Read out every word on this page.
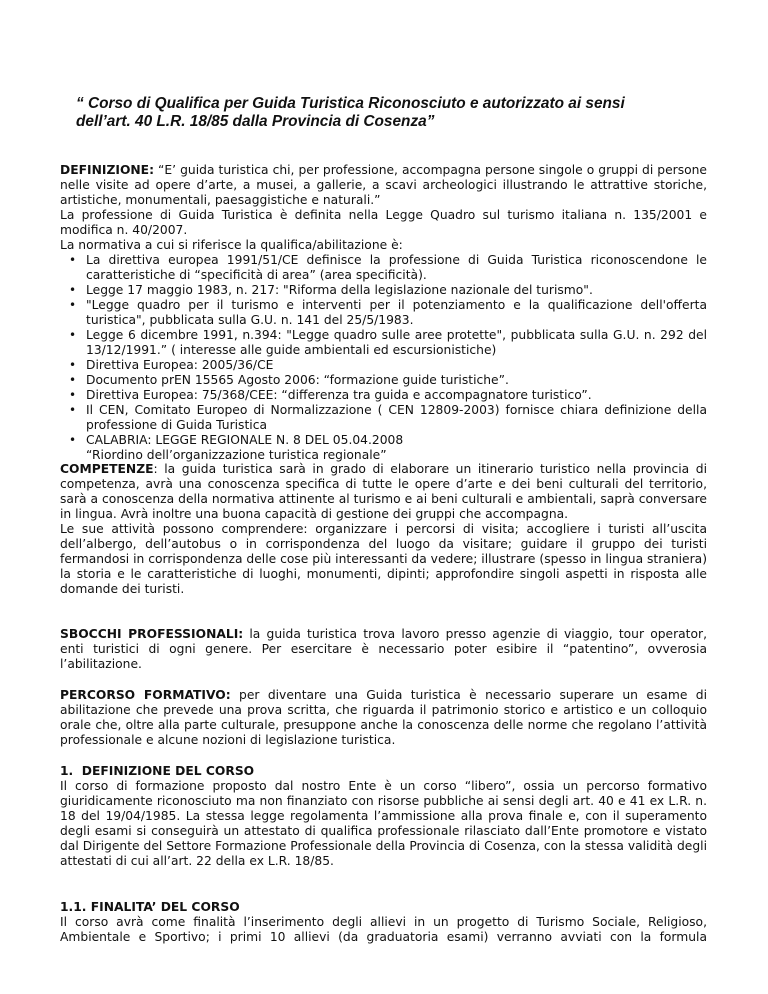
“ Corso di Qualifica per Guida Turistica Riconosciuto e autorizzato ai sensi
dell’art. 40 L.R. 18/85 dalla Provincia di Cosenza”

DEFINIZIONE: “E’ guida turistica chi, per professione, accompagna persone singole o gruppi di persone nelle visite ad opere d’arte, a musei, a gallerie, a scavi archeologici illustrando le attrattive storiche, artistiche, monumentali, paesaggistiche e naturali.”

La professione di Guida Turistica è definita nella Legge Quadro sul turismo italiana n. 135/2001 e modifica n. 40/2007.

La normativa a cui si riferisce la qualifica/abilitazione è:

• La direttiva europea 1991/51/CE definisce la professione di Guida Turistica riconoscendone le caratteristiche di “specificità di area” (area specificità).
• Legge 17 maggio 1983, n. 217: "Riforma della legislazione nazionale del turismo".
• "Legge quadro per il turismo e interventi per il potenziamento e la qualificazione dell'offerta turistica", pubblicata sulla G.U. n. 141 del 25/5/1983.
• Legge 6 dicembre 1991, n.394: "Legge quadro sulle aree protette", pubblicata sulla G.U. n. 292 del 13/12/1991.” ( interesse alle guide ambientali ed escursionistiche)
• Direttiva Europea: 2005/36/CE
• Documento prEN 15565 Agosto 2006: “formazione guide turistiche”.
• Direttiva Europea: 75/368/CEE: “differenza tra guida e accompagnatore turistico”.
• Il CEN, Comitato Europeo di Normalizzazione ( CEN 12809-2003) fornisce chiara definizione della professione di Guida Turistica
• CALABRIA: LEGGE REGIONALE N. 8 DEL 05.04.2008
“Riordino dell’organizzazione turistica regionale”

COMPETENZE: la guida turistica sarà in grado di elaborare un itinerario turistico nella provincia di competenza, avrà una conoscenza specifica di tutte le opere d’arte e dei beni culturali del territorio, sarà a conoscenza della normativa attinente al turismo e ai beni culturali e ambientali, saprà conversare in lingua. Avrà inoltre una buona capacità di gestione dei gruppi che accompagna.

Le sue attività possono comprendere: organizzare i percorsi di visita; accogliere i turisti all’uscita dell’albergo, dell’autobus o in corrispondenza del luogo da visitare; guidare il gruppo dei turisti fermandosi in corrispondenza delle cose più interessanti da vedere; illustrare (spesso in lingua straniera) la storia e le caratteristiche di luoghi, monumenti, dipinti; approfondire singoli aspetti in risposta alle domande dei turisti.

SBOCCHI PROFESSIONALI: la guida turistica trova lavoro presso agenzie di viaggio, tour operator, enti turistici di ogni genere. Per esercitare è necessario poter esibire il “patentino”, ovverosia l’abilitazione.

PERCORSO FORMATIVO: per diventare una Guida turistica è necessario superare un esame di abilitazione che prevede una prova scritta, che riguarda il patrimonio storico e artistico e un colloquio orale che, oltre alla parte culturale, presuppone anche la conoscenza delle norme che regolano l’attività professionale e alcune nozioni di legislazione turistica.

1.  DEFINIZIONE DEL CORSO

Il corso di formazione proposto dal nostro Ente è un corso “libero”, ossia un percorso formativo giuridicamente riconosciuto ma non finanziato con risorse pubbliche ai sensi degli art. 40 e 41 ex L.R. n. 18 del 19/04/1985. La stessa legge regolamenta l’ammissione alla prova finale e, con il superamento degli esami si conseguirà un attestato di qualifica professionale rilasciato dall’Ente promotore e vistato dal Dirigente del Settore Formazione Professionale della Provincia di Cosenza, con la stessa validità degli attestati di cui all’art. 22 della ex L.R. 18/85.

1.1. FINALITA’ DEL CORSO

Il corso avrà come finalità l’inserimento degli allievi in un progetto di Turismo Sociale, Religioso, Ambientale e Sportivo; i primi 10 allievi (da graduatoria esami) verranno avviati con la formula
